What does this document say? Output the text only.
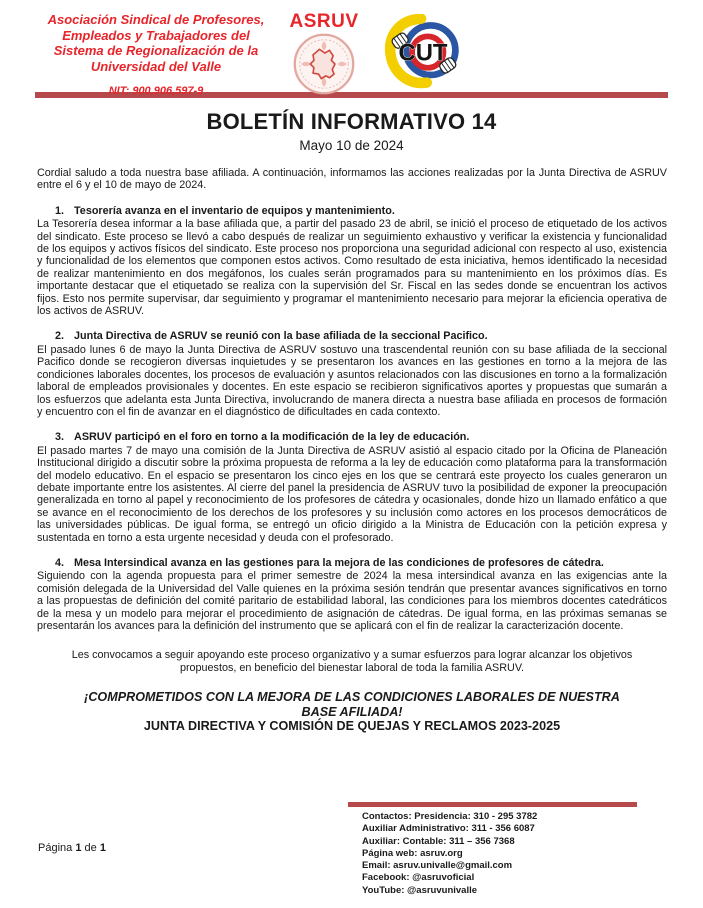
Asociación Sindical de Profesores,
Empleados y Trabajadores del
Sistema de Regionalización de la
Universidad del Valle
NIT: 900,906,597-9
ASRUV
CUT
BOLETÍN INFORMATIVO 14
Mayo 10 de 2024

Cordial saludo a toda nuestra base afiliada. A continuación, informamos las acciones realizadas por la Junta Directiva de ASRUV entre el 6 y el 10 de mayo de 2024.

1. Tesorería avanza en el inventario de equipos y mantenimiento.
La Tesorería desea informar a la base afiliada que, a partir del pasado 23 de abril, se inició el proceso de etiquetado de los activos del sindicato. Este proceso se llevó a cabo después de realizar un seguimiento exhaustivo y verificar la existencia y funcionalidad de los equipos y activos físicos del sindicato. Este proceso nos proporciona una seguridad adicional con respecto al uso, existencia y funcionalidad de los elementos que componen estos activos. Como resultado de esta iniciativa, hemos identificado la necesidad de realizar mantenimiento en dos megáfonos, los cuales serán programados para su mantenimiento en los próximos días. Es importante destacar que el etiquetado se realiza con la supervisión del Sr. Fiscal en las sedes donde se encuentran los activos fijos. Esto nos permite supervisar, dar seguimiento y programar el mantenimiento necesario para mejorar la eficiencia operativa de los activos de ASRUV.
2. Junta Directiva de ASRUV se reunió con la base afiliada de la seccional Pacifico.
El pasado lunes 6 de mayo la Junta Directiva de ASRUV sostuvo una trascendental reunión con su base afiliada de la seccional Pacifico donde se recogieron diversas inquietudes y se presentaron los avances en las gestiones en torno a la mejora de las condiciones laborales docentes, los procesos de evaluación y asuntos relacionados con las discusiones en torno a la formalización laboral de empleados provisionales y docentes. En este espacio se recibieron significativos aportes y propuestas que sumarán a los esfuerzos que adelanta esta Junta Directiva, involucrando de manera directa a nuestra base afiliada en procesos de formación y encuentro con el fin de avanzar en el diagnóstico de dificultades en cada contexto.
3. ASRUV participó en el foro en torno a la modificación de la ley de educación.
El pasado martes 7 de mayo una comisión de la Junta Directiva de ASRUV asistió al espacio citado por la Oficina de Planeación Institucional dirigido a discutir sobre la próxima propuesta de reforma a la ley de educación como plataforma para la transformación del modelo educativo. En el espacio se presentaron los cinco ejes en los que se centrará este proyecto los cuales generaron un debate importante entre los asistentes. Al cierre del panel la presidencia de ASRUV tuvo la posibilidad de exponer la preocupación generalizada en torno al papel y reconocimiento de los profesores de cátedra y ocasionales, donde hizo un llamado enfático a que se avance en el reconocimiento de los derechos de los profesores y su inclusión como actores en los procesos democráticos de las universidades públicas. De igual forma, se entregó un oficio dirigido a la Ministra de Educación con la petición expresa y sustentada en torno a esta urgente necesidad y deuda con el profesorado.
4. Mesa Intersindical avanza en las gestiones para la mejora de las condiciones de profesores de cátedra.
Siguiendo con la agenda propuesta para el primer semestre de 2024 la mesa intersindical avanza en las exigencias ante la comisión delegada de la Universidad del Valle quienes en la próxima sesión tendrán que presentar avances significativos en torno a las propuestas de definición del comité paritario de estabilidad laboral, las condiciones para los miembros docentes catedráticos de la mesa y un modelo para mejorar el procedimiento de asignación de cátedras. De igual forma, en las próximas semanas se presentarán los avances para la definición del instrumento que se aplicará con el fin de realizar la caracterización docente.

Les convocamos a seguir apoyando este proceso organizativo y a sumar esfuerzos para lograr alcanzar los objetivos propuestos, en beneficio del bienestar laboral de toda la familia ASRUV.

¡COMPROMETIDOS CON LA MEJORA DE LAS CONDICIONES LABORALES DE NUESTRA BASE AFILIADA!
JUNTA DIRECTIVA Y COMISIÓN DE QUEJAS Y RECLAMOS 2023-2025
Página 1 de 1
Contactos: Presidencia: 310 - 295 3782
Auxiliar Administrativo: 311 - 356 6087
Auxiliar: Contable: 311 – 356 7368
Página web: asruv.org
Email: asruv.univalle@gmail.com
Facebook: @asruvoficial
YouTube: @asruvunivalle
